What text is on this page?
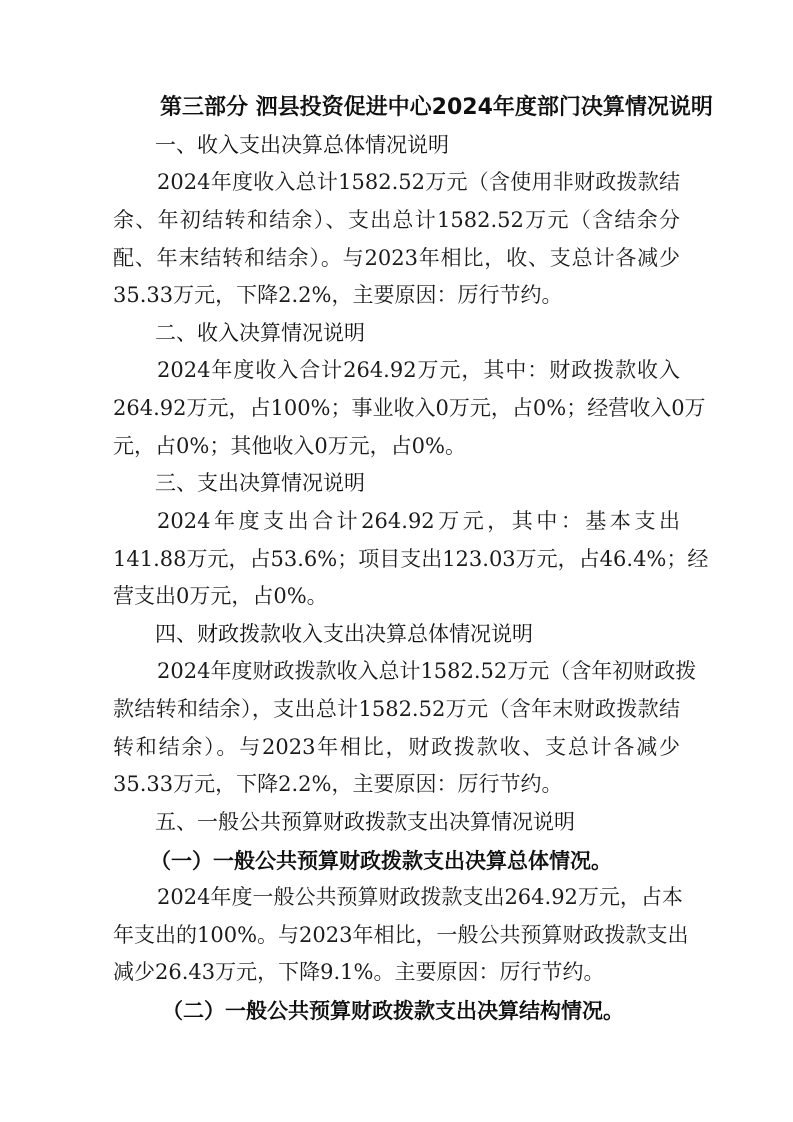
第三部分 泗县投资促进中心2024年度部门决算情况说明
一、收入支出决算总体情况说明
2024年度收入总计1582.52万元（含使用非财政拨款结
余、年初结转和结余）、支出总计1582.52万元（含结余分
配、年末结转和结余）。与2023年相比，收、支总计各减少
35.33万元，下降2.2%，主要原因：厉行节约。
二、收入决算情况说明
2024年度收入合计264.92万元，其中：财政拨款收入
264.92万元，占100%；事业收入0万元，占0%；经营收入0万
元，占0%；其他收入0万元，占0%。
三、支出决算情况说明
2024年度支出合计264.92万元，其中：基本支出
141.88万元，占53.6%；项目支出123.03万元，占46.4%；经
营支出0万元，占0%。
四、财政拨款收入支出决算总体情况说明
2024年度财政拨款收入总计1582.52万元（含年初财政拨
款结转和结余），支出总计1582.52万元（含年末财政拨款结
转和结余）。与2023年相比，财政拨款收、支总计各减少
35.33万元，下降2.2%，主要原因：厉行节约。
五、一般公共预算财政拨款支出决算情况说明
（一）一般公共预算财政拨款支出决算总体情况。
2024年度一般公共预算财政拨款支出264.92万元，占本
年支出的100%。与2023年相比，一般公共预算财政拨款支出
减少26.43万元，下降9.1%。主要原因：厉行节约。
（二）一般公共预算财政拨款支出决算结构情况。
